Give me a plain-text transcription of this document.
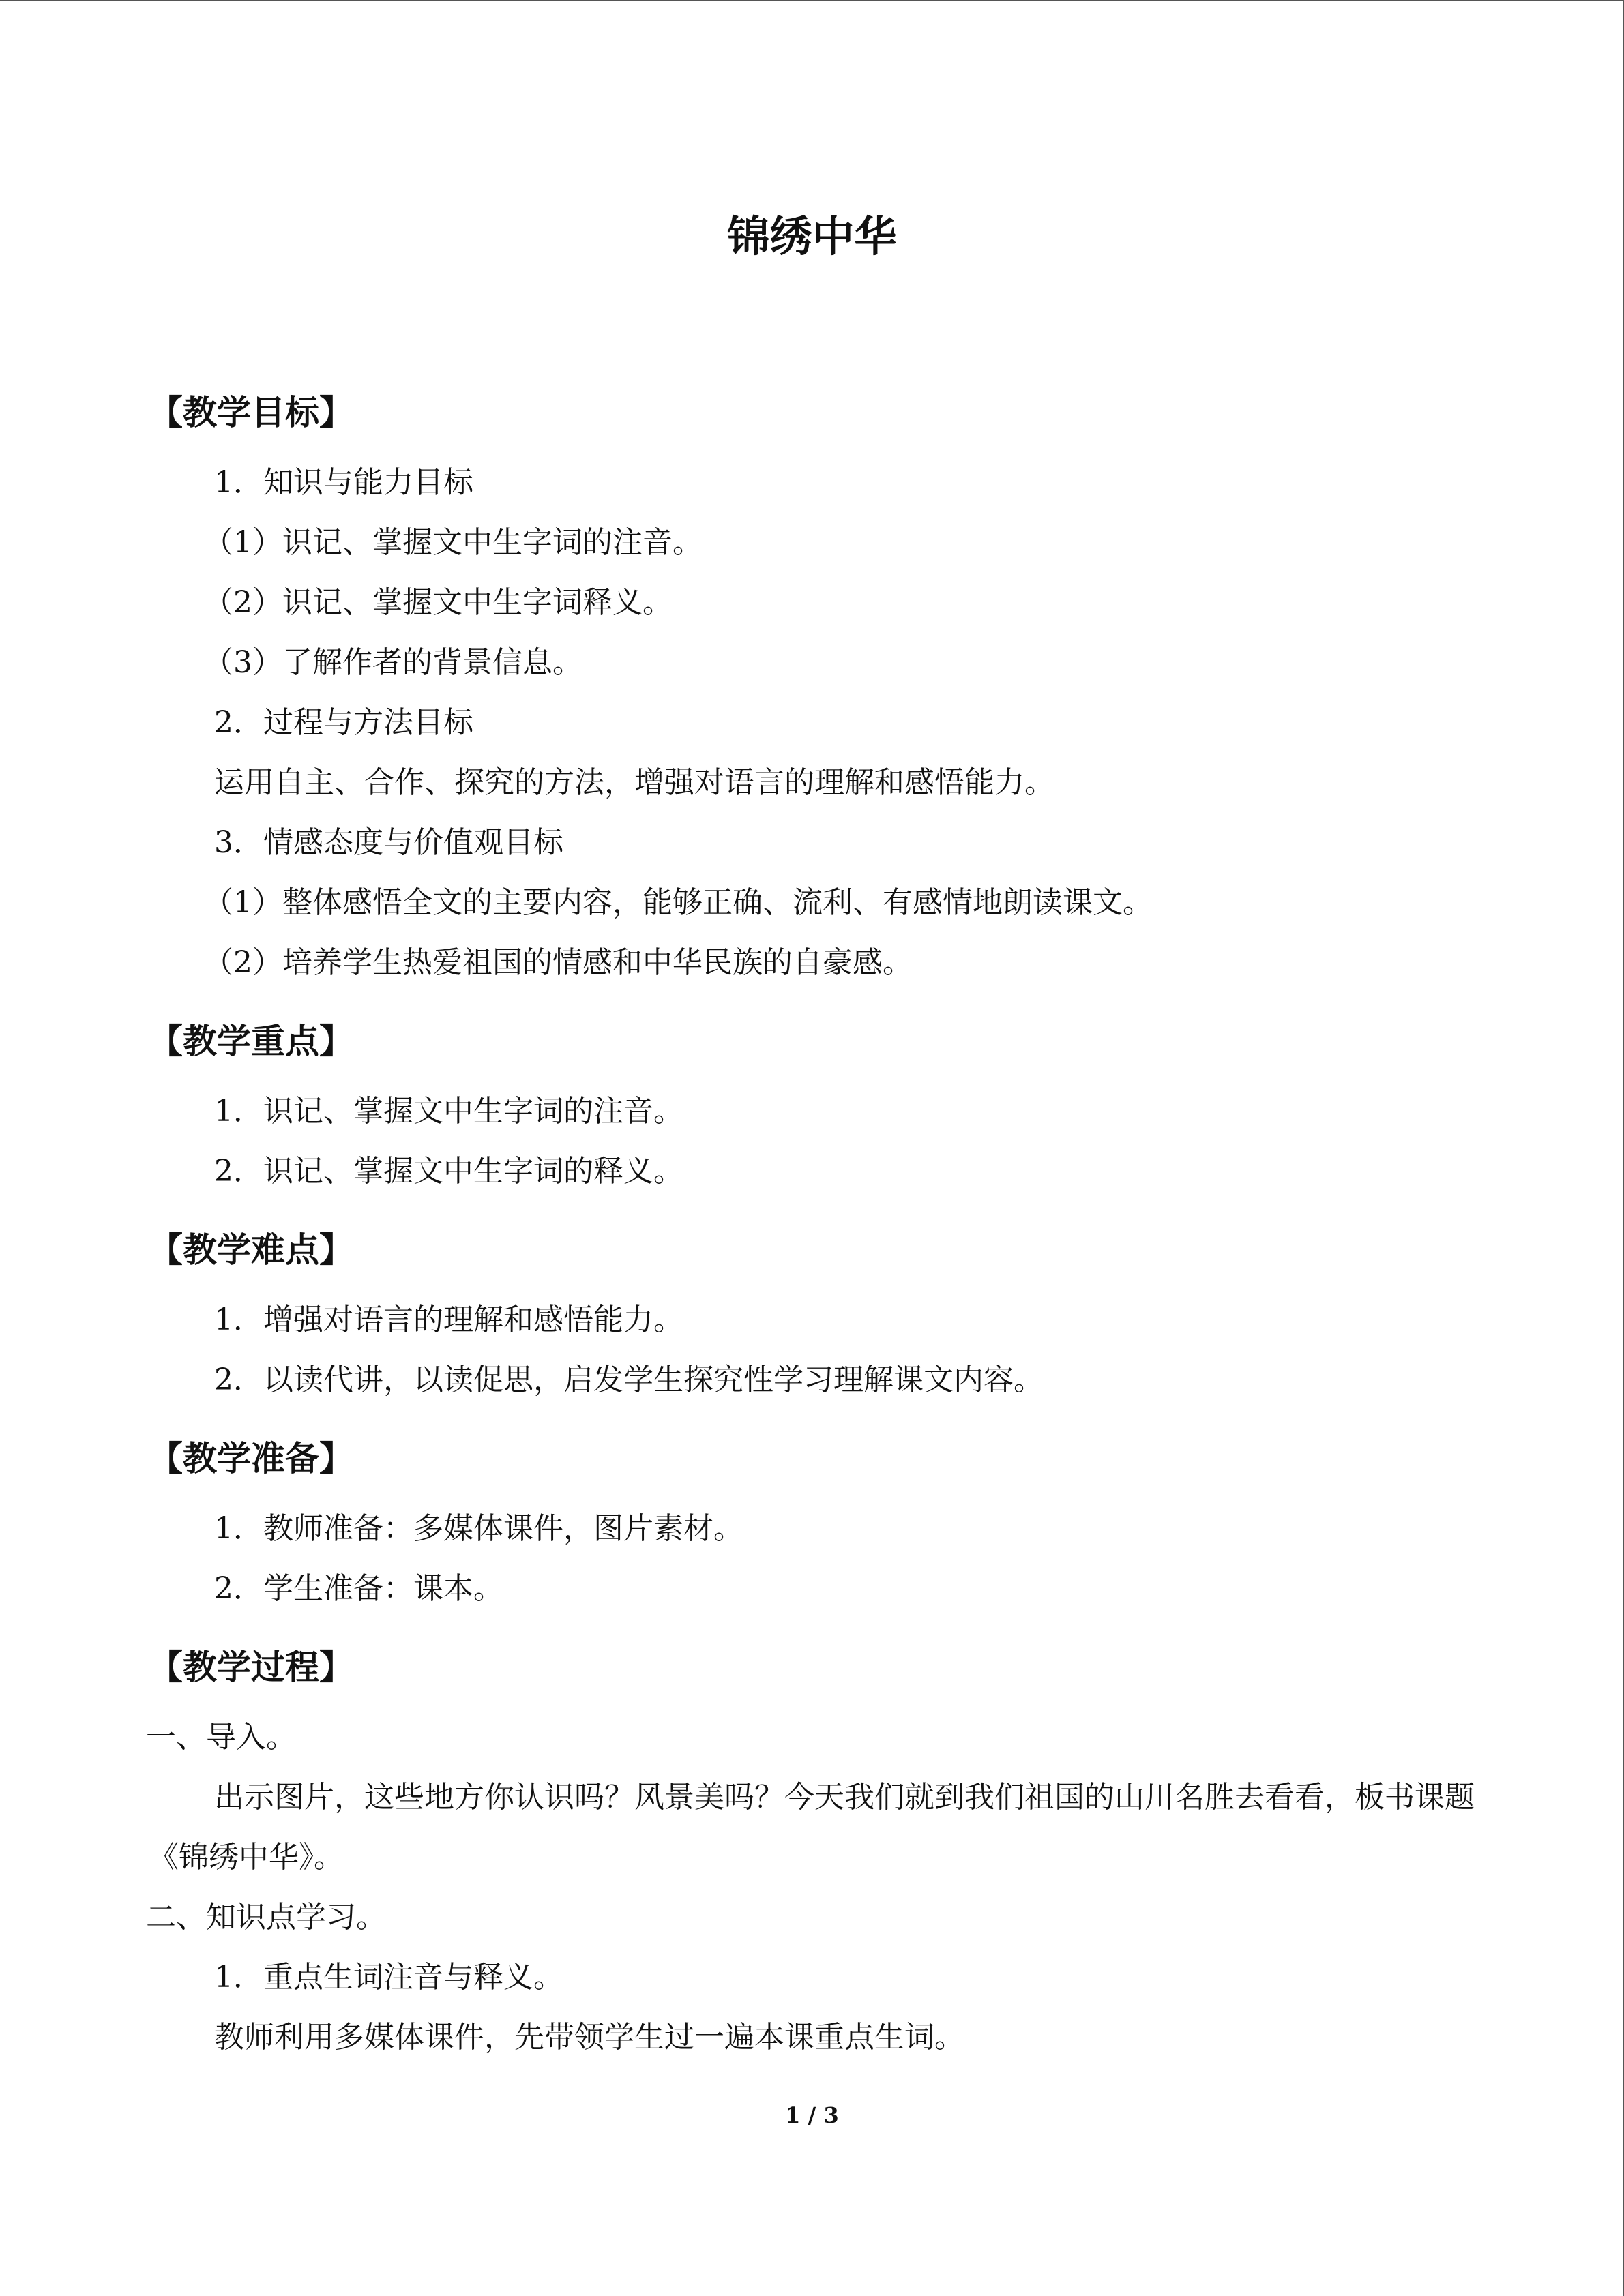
锦绣中华
【教学目标】
1．知识与能力目标
（1）识记、掌握文中生字词的注音。
（2）识记、掌握文中生字词释义。
（3）了解作者的背景信息。
2．过程与方法目标
运用自主、合作、探究的方法，增强对语言的理解和感悟能力。
3．情感态度与价值观目标
（1）整体感悟全文的主要内容，能够正确、流利、有感情地朗读课文。
（2）培养学生热爱祖国的情感和中华民族的自豪感。
【教学重点】
1．识记、掌握文中生字词的注音。
2．识记、掌握文中生字词的释义。
【教学难点】
1．增强对语言的理解和感悟能力。
2．以读代讲，以读促思，启发学生探究性学习理解课文内容。
【教学准备】
1．教师准备：多媒体课件，图片素材。
2．学生准备：课本。
【教学过程】
一、导入。
出示图片，这些地方你认识吗？风景美吗？今天我们就到我们祖国的山川名胜去看看，板书课题《锦绣中华》。
二、知识点学习。
1．重点生词注音与释义。
教师利用多媒体课件，先带领学生过一遍本课重点生词。
1 / 3
